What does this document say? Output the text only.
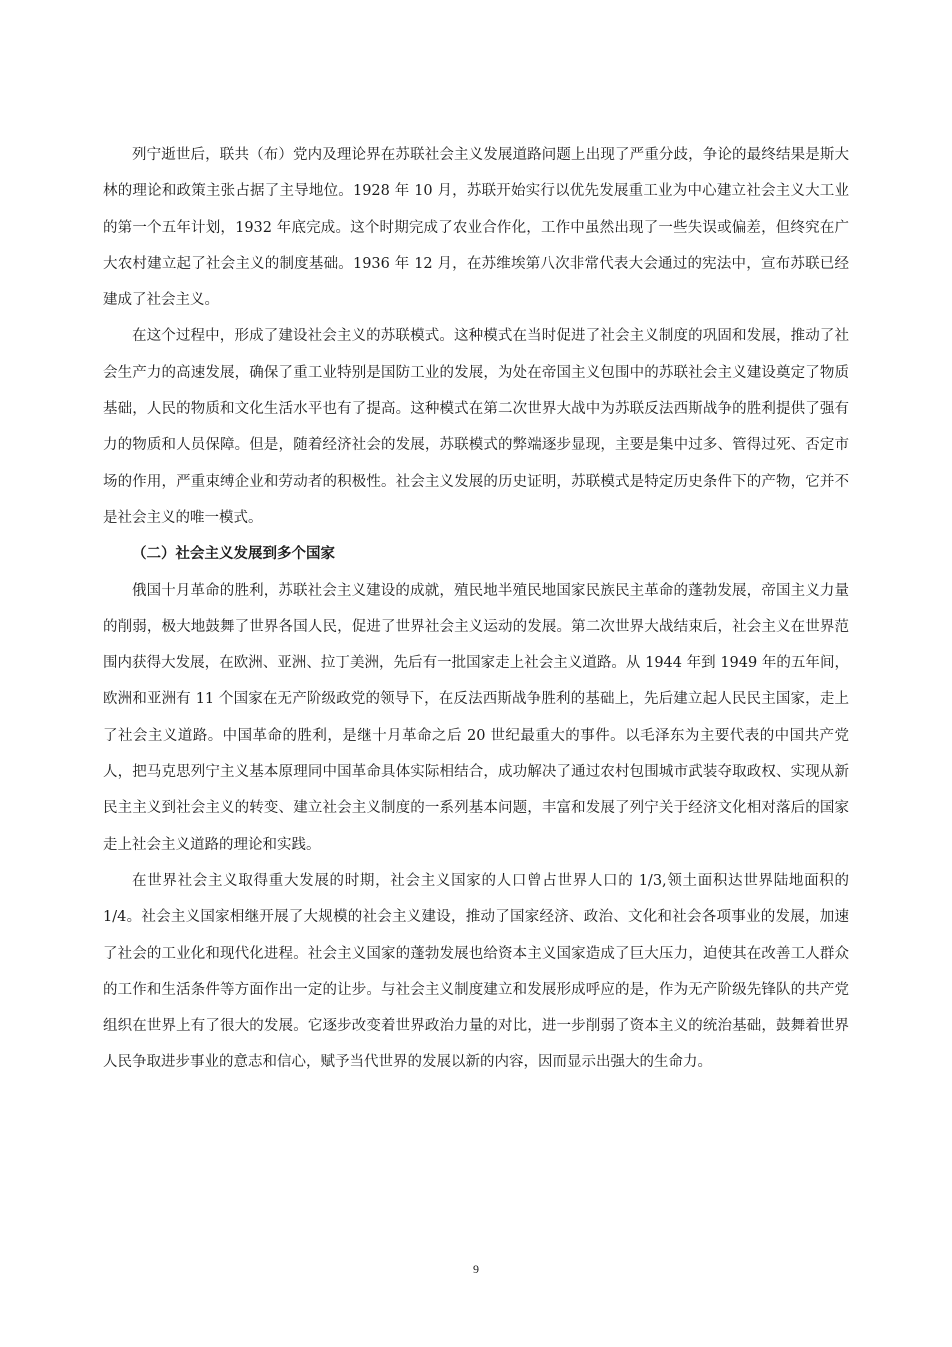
列宁逝世后，联共（布）党内及理论界在苏联社会主义发展道路问题上出现了严重分歧，争论的最终结果是斯大林的理论和政策主张占据了主导地位。1928 年 10 月，苏联开始实行以优先发展重工业为中心建立社会主义大工业的第一个五年计划，1932 年底完成。这个时期完成了农业合作化，工作中虽然出现了一些失误或偏差，但终究在广大农村建立起了社会主义的制度基础。1936 年 12 月，在苏维埃第八次非常代表大会通过的宪法中，宣布苏联已经建成了社会主义。

在这个过程中，形成了建设社会主义的苏联模式。这种模式在当时促进了社会主义制度的巩固和发展，推动了社会生产力的高速发展，确保了重工业特别是国防工业的发展，为处在帝国主义包围中的苏联社会主义建设奠定了物质基础，人民的物质和文化生活水平也有了提高。这种模式在第二次世界大战中为苏联反法西斯战争的胜利提供了强有力的物质和人员保障。但是，随着经济社会的发展，苏联模式的弊端逐步显现，主要是集中过多、管得过死、否定市场的作用，严重束缚企业和劳动者的积极性。社会主义发展的历史证明，苏联模式是特定历史条件下的产物，它并不是社会主义的唯一模式。

（二）社会主义发展到多个国家

俄国十月革命的胜利，苏联社会主义建设的成就，殖民地半殖民地国家民族民主革命的蓬勃发展，帝国主义力量的削弱，极大地鼓舞了世界各国人民，促进了世界社会主义运动的发展。第二次世界大战结束后，社会主义在世界范围内获得大发展，在欧洲、亚洲、拉丁美洲，先后有一批国家走上社会主义道路。从 1944 年到 1949 年的五年间，欧洲和亚洲有 11 个国家在无产阶级政党的领导下，在反法西斯战争胜利的基础上，先后建立起人民民主国家，走上了社会主义道路。中国革命的胜利，是继十月革命之后 20 世纪最重大的事件。以毛泽东为主要代表的中国共产党人，把马克思列宁主义基本原理同中国革命具体实际相结合，成功解决了通过农村包围城市武装夺取政权、实现从新民主主义到社会主义的转变、建立社会主义制度的一系列基本问题，丰富和发展了列宁关于经济文化相对落后的国家走上社会主义道路的理论和实践。

在世界社会主义取得重大发展的时期，社会主义国家的人口曾占世界人口的 1/3,领土面积达世界陆地面积的 1/4。社会主义国家相继开展了大规模的社会主义建设，推动了国家经济、政治、文化和社会各项事业的发展，加速了社会的工业化和现代化进程。社会主义国家的蓬勃发展也给资本主义国家造成了巨大压力，迫使其在改善工人群众的工作和生活条件等方面作出一定的让步。与社会主义制度建立和发展形成呼应的是，作为无产阶级先锋队的共产党组织在世界上有了很大的发展。它逐步改变着世界政治力量的对比，进一步削弱了资本主义的统治基础，鼓舞着世界人民争取进步事业的意志和信心，赋予当代世界的发展以新的内容，因而显示出强大的生命力。

9
